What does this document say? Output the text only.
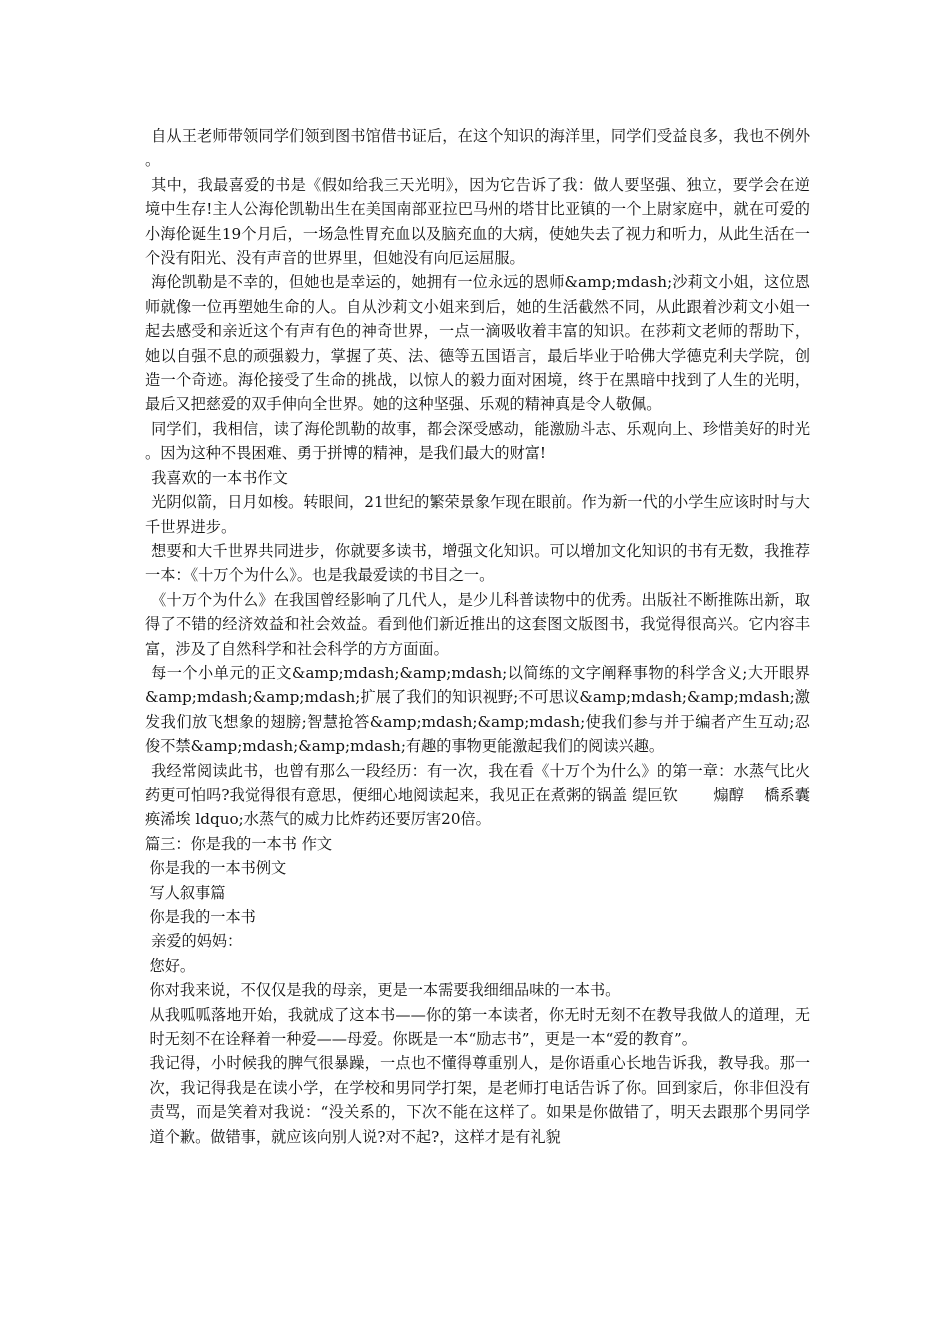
自从王老师带领同学们领到图书馆借书证后，在这个知识的海洋里，同学们受益良多，我也不例外。

其中，我最喜爱的书是《假如给我三天光明》，因为它告诉了我：做人要坚强、独立，要学会在逆境中生存!主人公海伦凯勒出生在美国南部亚拉巴马州的塔甘比亚镇的一个上尉家庭中，就在可爱的小海伦诞生19个月后，一场急性胃充血以及脑充血的大病，使她失去了视力和听力，从此生活在一个没有阳光、没有声音的世界里，但她没有向厄运屈服。

海伦凯勒是不幸的，但她也是幸运的，她拥有一位永远的恩师&amp;mdash;沙莉文小姐，这位恩师就像一位再塑她生命的人。自从沙莉文小姐来到后，她的生活截然不同，从此跟着沙莉文小姐一起去感受和亲近这个有声有色的神奇世界，一点一滴吸收着丰富的知识。在莎莉文老师的帮助下，她以自强不息的顽强毅力，掌握了英、法、德等五国语言，最后毕业于哈佛大学德克利夫学院，创造一个奇迹。海伦接受了生命的挑战，以惊人的毅力面对困境，终于在黑暗中找到了人生的光明，最后又把慈爱的双手伸向全世界。她的这种坚强、乐观的精神真是令人敬佩。

同学们，我相信，读了海伦凯勒的故事，都会深受感动，能激励斗志、乐观向上、珍惜美好的时光。因为这种不畏困难、勇于拼博的精神，是我们最大的财富!

我喜欢的一本书作文

光阴似箭，日月如梭。转眼间，21世纪的繁荣景象乍现在眼前。作为新一代的小学生应该时时与大千世界进步。

想要和大千世界共同进步，你就要多读书，增强文化知识。可以增加文化知识的书有无数，我推荐一本：《十万个为什么》。也是我最爱读的书目之一。

《十万个为什么》在我国曾经影响了几代人，是少儿科普读物中的优秀。出版社不断推陈出新，取得了不错的经济效益和社会效益。看到他们新近推出的这套图文版图书，我觉得很高兴。它内容丰富，涉及了自然科学和社会科学的方方面面。

每一个小单元的正文&amp;mdash;&amp;mdash;以简练的文字阐释事物的科学含义;大开眼界&amp;mdash;&amp;mdash;扩展了我们的知识视野;不可思议&amp;mdash;&amp;mdash;激发我们放飞想象的翅膀;智慧抢答&amp;mdash;&amp;mdash;使我们参与并于编者产生互动;忍俊不禁&amp;mdash;&amp;mdash;有趣的事物更能激起我们的阅读兴趣。

我经常阅读此书，也曾有那么一段经历：有一次，我在看《十万个为什么》的第一章：水蒸气比火药更可怕吗?我觉得很有意思，便细心地阅读起来，我见正在煮粥的锅盖 缇叵钦 　　煽醇　 橋系囊痪浠埃 ldquo;水蒸气的威力比炸药还要厉害20倍。

篇三：你是我的一本书 作文

你是我的一本书例文

写人叙事篇

你是我的一本书

亲爱的妈妈：

您好。

你对我来说，不仅仅是我的母亲，更是一本需要我细细品味的一本书。

从我呱呱落地开始，我就成了这本书——你的第一本读者，你无时无刻不在教导我做人的道理，无时无刻不在诠释着一种爱——母爱。你既是一本“励志书”，更是一本“爱的教育”。

我记得，小时候我的脾气很暴躁，一点也不懂得尊重别人，是你语重心长地告诉我，教导我。那一次，我记得我是在读小学，在学校和男同学打架，是老师打电话告诉了你。回到家后，你非但没有责骂，而是笑着对我说：“没关系的，下次不能在这样了。如果是你做错了，明天去跟那个男同学道个歉。做错事，就应该向别人说?对不起?，这样才是有礼貌
